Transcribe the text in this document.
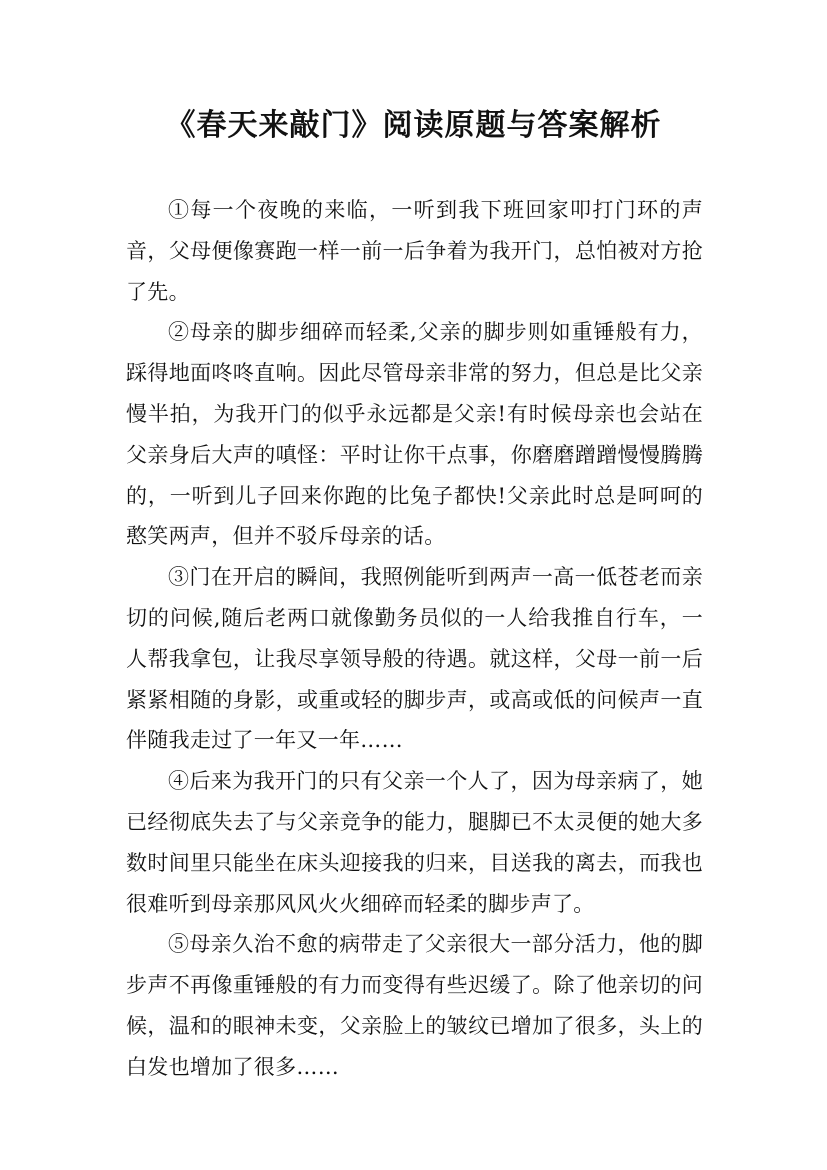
《春天来敲门》阅读原题与答案解析

①每一个夜晚的来临，一听到我下班回家叩打门环的声音，父母便像赛跑一样一前一后争着为我开门，总怕被对方抢了先。

②母亲的脚步细碎而轻柔,父亲的脚步则如重锤般有力，踩得地面咚咚直响。因此尽管母亲非常的努力，但总是比父亲慢半拍，为我开门的似乎永远都是父亲!有时候母亲也会站在父亲身后大声的嗔怪：平时让你干点事，你磨磨蹭蹭慢慢腾腾的，一听到儿子回来你跑的比兔子都快!父亲此时总是呵呵的憨笑两声，但并不驳斥母亲的话。

③门在开启的瞬间，我照例能听到两声一高一低苍老而亲切的问候,随后老两口就像勤务员似的一人给我推自行车，一人帮我拿包，让我尽享领导般的待遇。就这样，父母一前一后紧紧相随的身影，或重或轻的脚步声，或高或低的问候声一直伴随我走过了一年又一年……

④后来为我开门的只有父亲一个人了，因为母亲病了，她已经彻底失去了与父亲竞争的能力，腿脚已不太灵便的她大多数时间里只能坐在床头迎接我的归来，目送我的离去，而我也很难听到母亲那风风火火细碎而轻柔的脚步声了。

⑤母亲久治不愈的病带走了父亲很大一部分活力，他的脚步声不再像重锤般的有力而变得有些迟缓了。除了他亲切的问候，温和的眼神未变，父亲脸上的皱纹已增加了很多，头上的白发也增加了很多……
